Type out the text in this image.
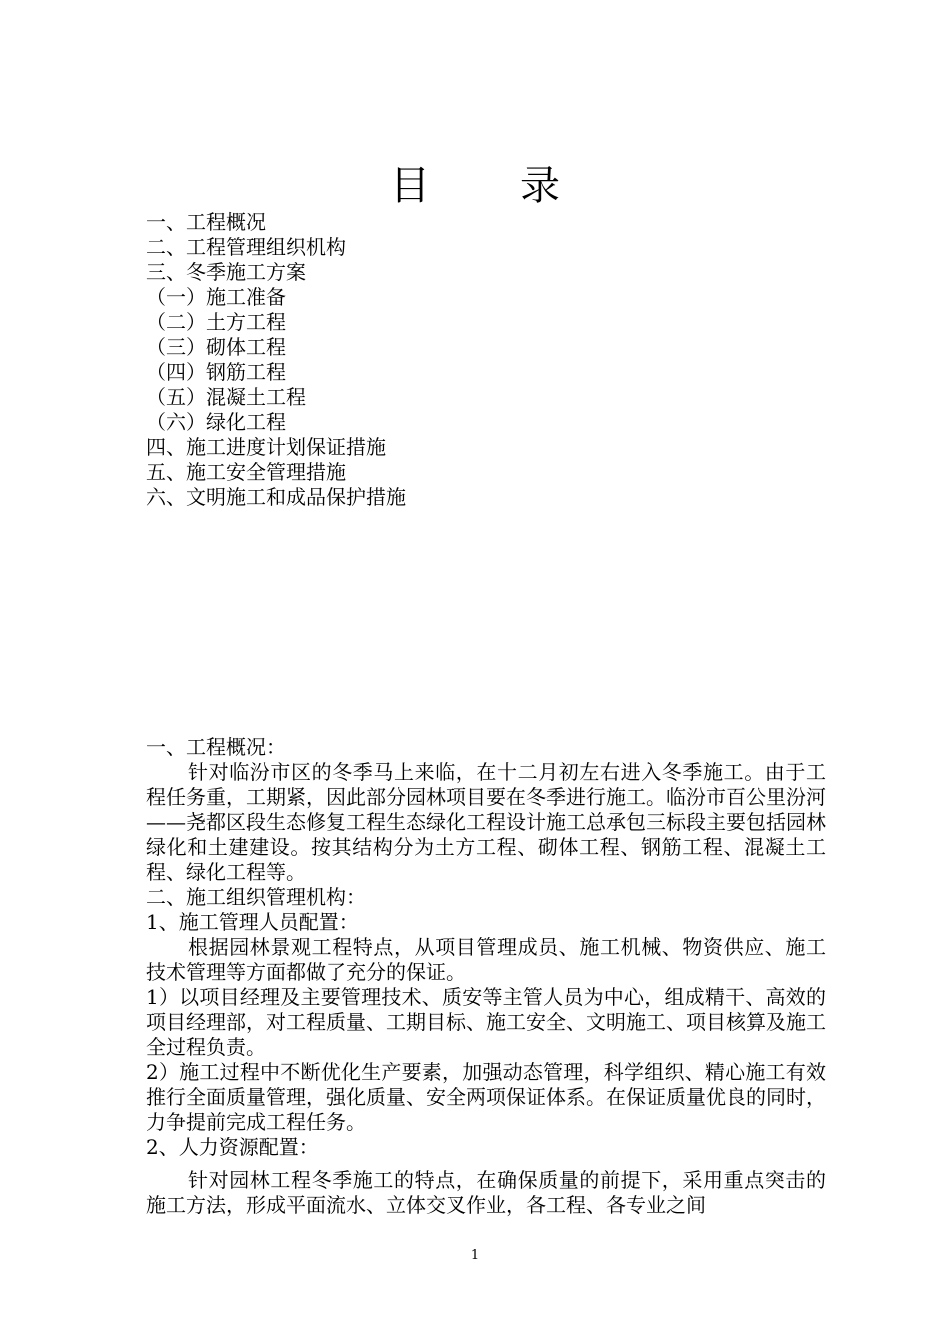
目 录
一、工程概况
二、工程管理组织机构
三、冬季施工方案
（一）施工准备
（二）土方工程
（三）砌体工程
（四）钢筋工程
（五）混凝土工程
（六）绿化工程
四、施工进度计划保证措施
五、施工安全管理措施
六、文明施工和成品保护措施

一、工程概况：

针对临汾市区的冬季马上来临，在十二月初左右进入冬季施工。由于工程任务重，工期紧，因此部分园林项目要在冬季进行施工。临汾市百公里汾河——尧都区段生态修复工程生态绿化工程设计施工总承包三标段主要包括园林绿化和土建建设。按其结构分为土方工程、砌体工程、钢筋工程、混凝土工程、绿化工程等。

二、施工组织管理机构：

1、施工管理人员配置：

根据园林景观工程特点，从项目管理成员、施工机械、物资供应、施工技术管理等方面都做了充分的保证。

1）以项目经理及主要管理技术、质安等主管人员为中心，组成精干、高效的项目经理部，对工程质量、工期目标、施工安全、文明施工、项目核算及施工全过程负责。

2）施工过程中不断优化生产要素，加强动态管理，科学组织、精心施工有效推行全面质量管理，强化质量、安全两项保证体系。在保证质量优良的同时，力争提前完成工程任务。

2、人力资源配置：

针对园林工程冬季施工的特点，在确保质量的前提下，采用重点突击的施工方法，形成平面流水、立体交叉作业，各工程、各专业之间

1
